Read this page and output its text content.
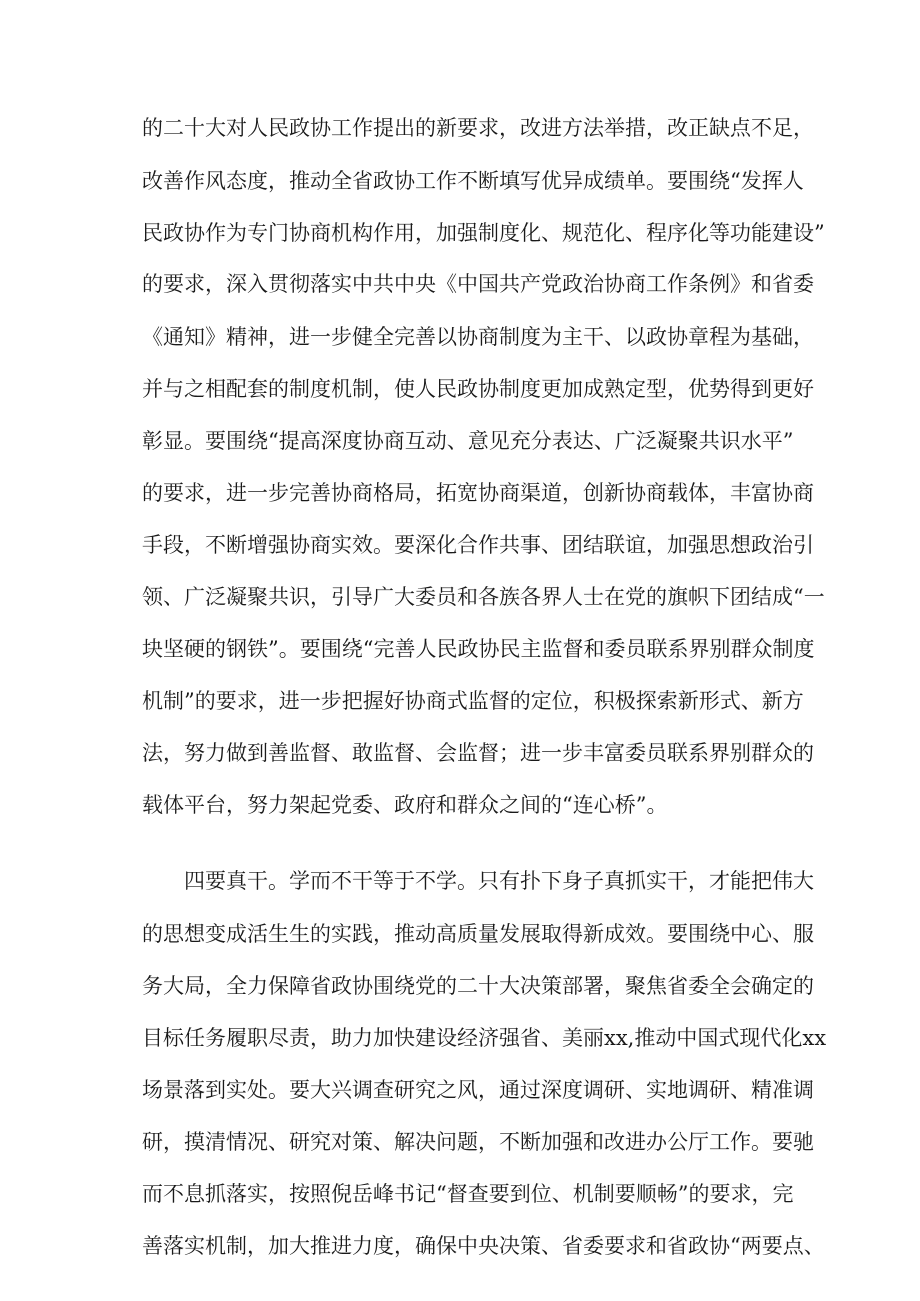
的二十大对人民政协工作提出的新要求，改进方法举措，改正缺点不足，
改善作风态度，推动全省政协工作不断填写优异成绩单。要围绕“发挥人
民政协作为专门协商机构作用，加强制度化、规范化、程序化等功能建设”
的要求，深入贯彻落实中共中央《中国共产党政治协商工作条例》和省委
《通知》精神，进一步健全完善以协商制度为主干、以政协章程为基础，
并与之相配套的制度机制，使人民政协制度更加成熟定型，优势得到更好
彰显。要围绕“提高深度协商互动、意见充分表达、广泛凝聚共识水平”
的要求，进一步完善协商格局，拓宽协商渠道，创新协商载体，丰富协商
手段，不断增强协商实效。要深化合作共事、团结联谊，加强思想政治引
领、广泛凝聚共识，引导广大委员和各族各界人士在党的旗帜下团结成“一
块坚硬的钢铁”。要围绕“完善人民政协民主监督和委员联系界别群众制度
机制”的要求，进一步把握好协商式监督的定位，积极探索新形式、新方
法，努力做到善监督、敢监督、会监督；进一步丰富委员联系界别群众的
载体平台，努力架起党委、政府和群众之间的“连心桥”。
四要真干。学而不干等于不学。只有扑下身子真抓实干，才能把伟大
的思想变成活生生的实践，推动高质量发展取得新成效。要围绕中心、服
务大局，全力保障省政协围绕党的二十大决策部署，聚焦省委全会确定的
目标任务履职尽责，助力加快建设经济强省、美丽xx,推动中国式现代化xx
场景落到实处。要大兴调查研究之风，通过深度调研、实地调研、精准调
研，摸清情况、研究对策、解决问题，不断加强和改进办公厅工作。要驰
而不息抓落实，按照倪岳峰书记“督查要到位、机制要顺畅”的要求，完
善落实机制，加大推进力度，确保中央决策、省委要求和省政协“两要点、
